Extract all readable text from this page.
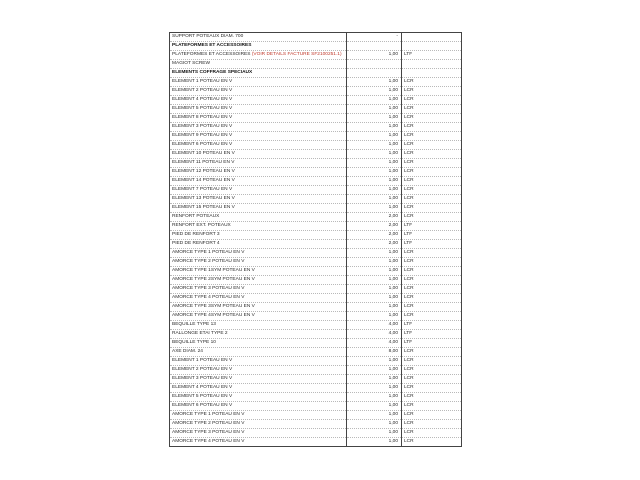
SUPPORT POTEAUX DIAM. 700	-	
PLATEFORMES ET ACCESSOIRES		
PLATEFORMES ET ACCESSOIRES (VOIR DETAILS FACTURE SF2100251.1)	1,00	LTF
MAGIOT SCREW		
ELEMENTS COFFRAGE SPECIAUX		
ELEMENT 1 POTEAU EN V	1,00	LCR
ELEMENT 2 POTEAU EN V	1,00	LCR
ELEMENT 4 POTEAU EN V	1,00	LCR
ELEMENT 5 POTEAU EN V	1,00	LCR
ELEMENT 8 POTEAU EN V	1,00	LCR
ELEMENT 3 POTEAU EN V	1,00	LCR
ELEMENT 9 POTEAU EN V	1,00	LCR
ELEMENT 6 POTEAU EN V	1,00	LCR
ELEMENT 10 POTEAU EN V	1,00	LCR
ELEMENT 11 POTEAU EN V	1,00	LCR
ELEMENT 12 POTEAU EN V	1,00	LCR
ELEMENT 14 POTEAU EN V	1,00	LCR
ELEMENT 7 POTEAU EN V	1,00	LCR
ELEMENT 13 POTEAU EN V	1,00	LCR
ELEMENT 15 POTEAU EN V	1,00	LCR
RENFORT POTEAUX	2,00	LCR
RENFORT EXT. POTEAUX	2,00	LTF
PIED DE RENFORT 3	2,00	LTF
PIED DE RENFORT 4	2,00	LTF
AMORCE TYPE 1 POTEAU EN V	1,00	LCR
AMORCE TYPE 2 POTEAU EN V	1,00	LCR
AMORCE TYPE 1SYM POTEAU EN V	1,00	LCR
AMORCE TYPE 2SYM POTEAU EN V	1,00	LCR
AMORCE TYPE 3 POTEAU EN V	1,00	LCR
AMORCE TYPE 4 POTEAU EN V	1,00	LCR
AMORCE TYPE 3SYM POTEAU EN V	1,00	LCR
AMORCE TYPE 4SYM POTEAU EN V	1,00	LCR
BEQUILLE TYPE 13	4,00	LTF
RALLONGE ETAI TYPE 2	4,00	LTF
BEQUILLE TYPE 10	4,00	LTF
AXE DIAM. 24	8,00	LCR
ELEMENT 1 POTEAU EN V	1,00	LCR
ELEMENT 2 POTEAU EN V	1,00	LCR
ELEMENT 3 POTEAU EN V	1,00	LCR
ELEMENT 4 POTEAU EN V	1,00	LCR
ELEMENT 5 POTEAU EN V	1,00	LCR
ELEMENT 6 POTEAU EN V	1,00	LCR
AMORCE TYPE 1 POTEAU EN V	1,00	LCR
AMORCE TYPE 2 POTEAU EN V	1,00	LCR
AMORCE TYPE 3 POTEAU EN V	1,00	LCR
AMORCE TYPE 4 POTEAU EN V	1,00	LCR
